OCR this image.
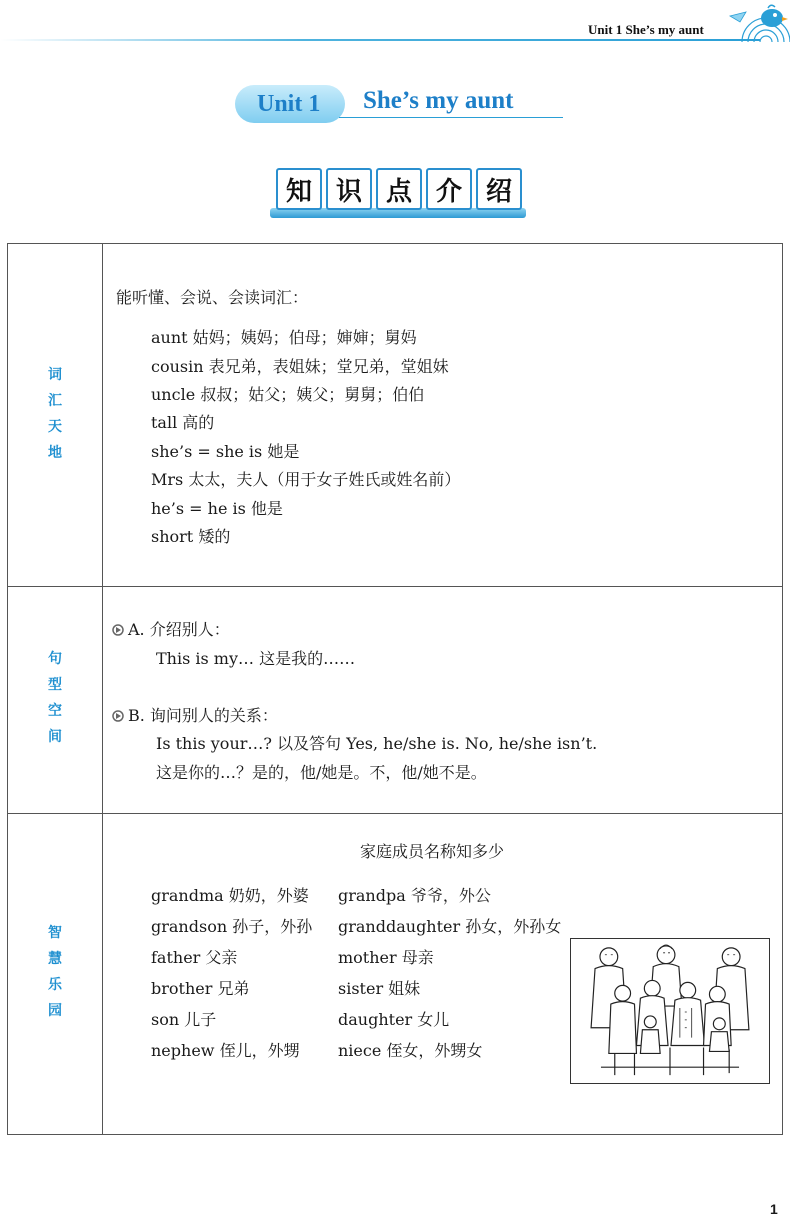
Unit 1 She’s my aunt
Unit 1 She’s my aunt
知 识 点 介 绍
词
汇
天
地
能听懂、会说、会读词汇：
aunt 姑妈；姨妈；伯母；婶婶；舅妈
cousin 表兄弟，表姐妹；堂兄弟，堂姐妹
uncle 叔叔；姑父；姨父；舅舅；伯伯
tall 高的
she’s = she is 她是
Mrs 太太，夫人（用于女子姓氏或姓名前）
he’s = he is 他是
short 矮的
句
型
空
间
A. 介绍别人：
This is my… 这是我的……
B. 询问别人的关系：
Is this your…? 以及答句 Yes, he/she is. No, he/she isn’t.
这是你的…？是的，他/她是。不，他/她不是。
智
慧
乐
园
家庭成员名称知多少
grandma 奶奶，外婆
grandson 孙子，外孙
father 父亲
brother 兄弟
son 儿子
nephew 侄儿，外甥
grandpa 爷爷，外公
granddaughter 孙女，外孙女
mother 母亲
sister 姐妹
daughter 女儿
niece 侄女，外甥女
1
